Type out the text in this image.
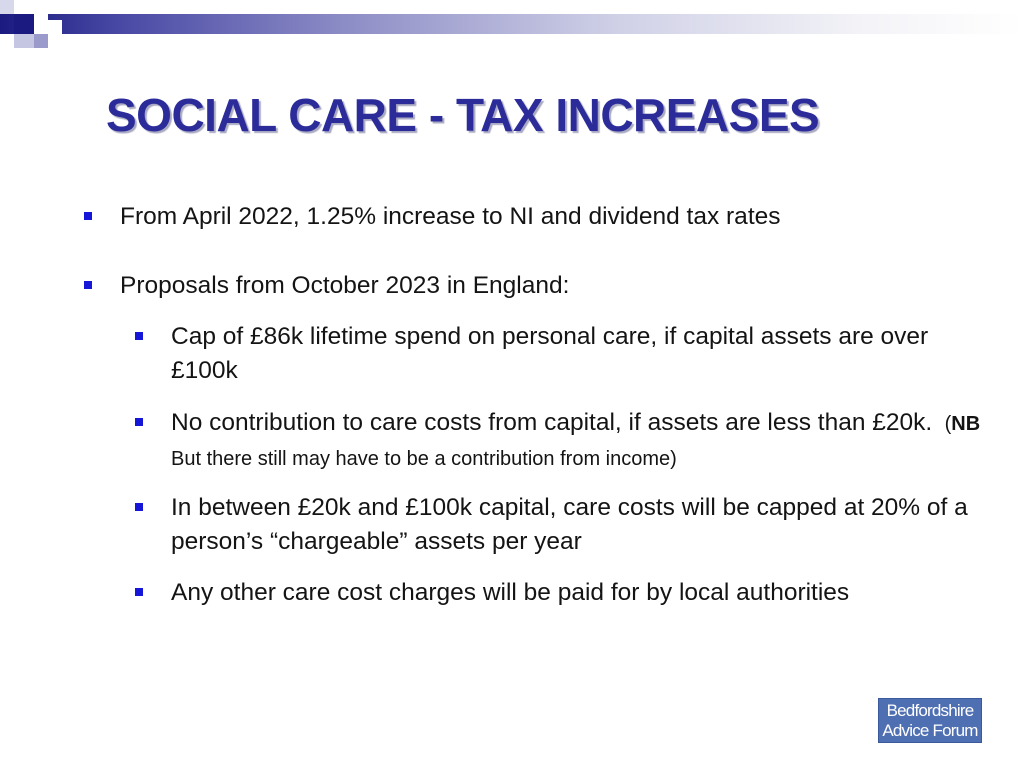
SOCIAL CARE - TAX INCREASES
From April 2022, 1.25% increase to NI and dividend tax rates
Proposals from October 2023 in England:
Cap of £86k lifetime spend on personal care, if capital assets are over £100k
No contribution to care costs from capital, if assets are less than £20k. (NB But there still may have to be a contribution from income)
In between £20k and £100k capital, care costs will be capped at 20% of a person’s “chargeable” assets per year
Any other care cost charges will be paid for by local authorities
Bedfordshire
Advice Forum
